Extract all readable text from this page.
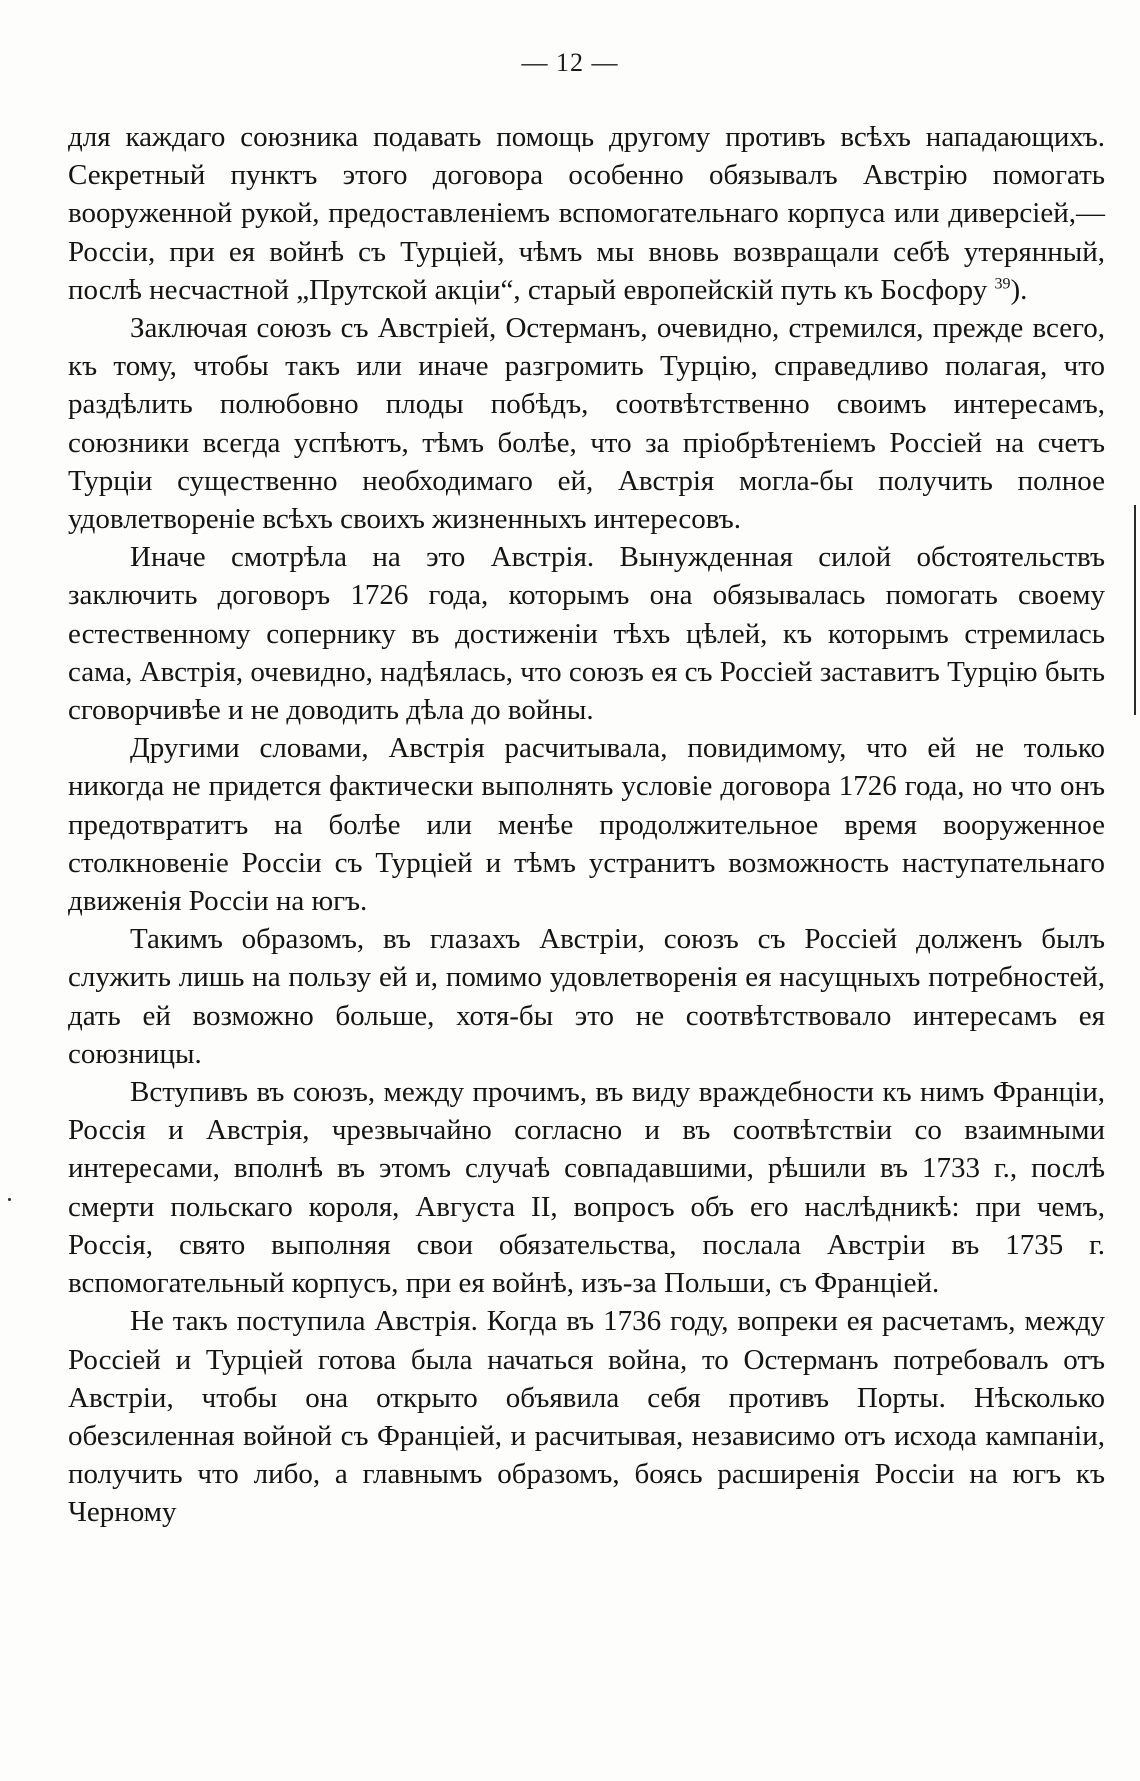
— 12 —

для каждаго союзника подавать помощь другому противъ всѣхъ нападающихъ. Секретный пунктъ этого договора особенно обязывалъ Австрію помогать вооруженной рукой, предоставленіемъ вспомогательнаго корпуса или диверсіей,—Россіи, при ея войнѣ съ Турціей, чѣмъ мы вновь возвращали себѣ утерянный, послѣ несчастной „Прутской акціи“, старый европейскій путь къ Босфору $^{39}$).

Заключая союзъ съ Австріей, Остерманъ, очевидно, стремился, прежде всего, къ тому, чтобы такъ или иначе разгромить Турцію, справедливо полагая, что раздѣлить полюбовно плоды побѣдъ, соотвѣтственно своимъ интересамъ, союзники всегда успѣютъ, тѣмъ болѣе, что за пріобрѣтеніемъ Россіей на счетъ Турціи существенно необходимаго ей, Австрія могла-бы получить полное удовлетвореніе всѣхъ своихъ жизненныхъ интересовъ.

Иначе смотрѣла на это Австрія. Вынужденная силой обстоятельствъ заключить договоръ 1726 года, которымъ она обязывалась помогать своему естественному сопернику въ достиженіи тѣхъ цѣлей, къ которымъ стремилась сама, Австрія, очевидно, надѣялась, что союзъ ея съ Россіей заставитъ Турцію быть сговорчивѣе и не доводить дѣла до войны.

Другими словами, Австрія расчитывала, повидимому, что ей не только никогда не придется фактически выполнять условіе договора 1726 года, но что онъ предотвратитъ на болѣе или менѣе продолжительное время вооруженное столкновеніе Россіи съ Турціей и тѣмъ устранитъ возможность наступательнаго движенія Россіи на югъ.

Такимъ образомъ, въ глазахъ Австріи, союзъ съ Россіей долженъ былъ служить лишь на пользу ей и, помимо удовлетворенія ея насущныхъ потребностей, дать ей возможно больше, хотя-бы это не соотвѣтствовало интересамъ ея союзницы.

Вступивъ въ союзъ, между прочимъ, въ виду враждебности къ нимъ Франціи, Россія и Австрія, чрезвычайно согласно и въ соотвѣтствіи со взаимными интересами, вполнѣ въ этомъ случаѣ совпадавшими, рѣшили въ 1733 г., послѣ смерти польскаго короля, Августа II, вопросъ объ его наслѣдникѣ: при чемъ, Россія, свято выполняя свои обязательства, послала Австріи въ 1735 г. вспомогательный корпусъ, при ея войнѣ, изъ-за Польши, съ Франціей.

Не такъ поступила Австрія. Когда въ 1736 году, вопреки ея расчетамъ, между Россіей и Турціей готова была начаться война, то Остерманъ потребовалъ отъ Австріи, чтобы она открыто объявила себя противъ Порты. Нѣсколько обезсиленная войной съ Франціей, и расчитывая, независимо отъ исхода кампаніи, получить что либо, а главнымъ образомъ, боясь расширенія Россіи на югъ къ Черному
